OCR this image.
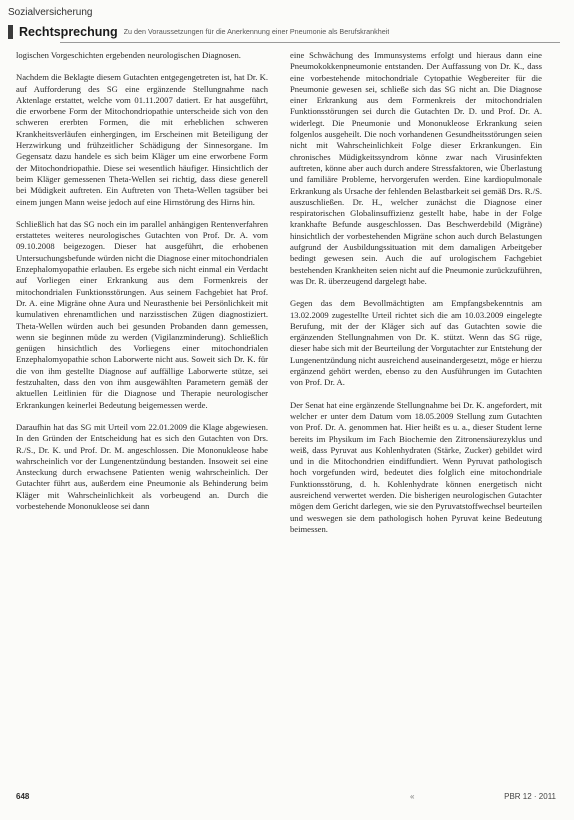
Sozialversicherung
Rechtsprechung Zu den Voraussetzungen für die Anerkennung einer Pneumonie als Berufskrankheit

logischen Vorgeschichten ergebenden neurologischen Diagnosen.

Nachdem die Beklagte diesem Gutachten entgegengetreten ist, hat Dr. K. auf Aufforderung des SG eine ergänzende Stellungnahme nach Aktenlage erstattet, welche vom 01.11.2007 datiert. Er hat ausgeführt, die erworbene Form der Mitochondriopathie unterscheide sich von den schweren ererbten Formen, die mit erheblichen schweren Krankheitsverläufen einhergingen, im Erscheinen mit Beteiligung der Herzwirkung und frühzeitlicher Schädigung der Sinnesorgane. Im Gegensatz dazu handele es sich beim Kläger um eine erworbene Form der Mitochondriopathie. Diese sei wesentlich häufiger. Hinsichtlich der beim Kläger gemessenen Theta-Wellen sei richtig, dass diese generell bei Müdigkeit auftreten. Ein Auftreten von Theta-Wellen tagsüber bei einem jungen Mann weise jedoch auf eine Hirnstörung des Hirns hin.

Schließlich hat das SG noch ein im parallel anhängigen Rentenverfahren erstattetes weiteres neurologisches Gutachten von Prof. Dr. A. vom 09.10.2008 beigezogen. Dieser hat ausgeführt, die erhobenen Untersuchungsbefunde würden nicht die Diagnose einer mitochondrialen Enzephalomyopathie erlauben. Es ergebe sich nicht einmal ein Verdacht auf Vorliegen einer Erkrankung aus dem Formenkreis der mitochondrialen Funktionsstörungen. Aus seinem Fachgebiet hat Prof. Dr. A. eine Migräne ohne Aura und Neurasthenie bei Persönlichkeit mit kumulativen ehrenamtlichen und narzisstischen Zügen diagnostiziert. Theta-Wellen würden auch bei gesunden Probanden dann gemessen, wenn sie beginnen müde zu werden (Vigilanzminderung). Schließlich genügen hinsichtlich des Vorliegens einer mitochondrialen Enzephalomyopathie schon Laborwerte nicht aus. Soweit sich Dr. K. für die von ihm gestellte Diagnose auf auffällige Laborwerte stütze, sei festzuhalten, dass den von ihm ausgewählten Parametern gemäß der aktuellen Leitlinien für die Diagnose und Therapie neurologischer Erkrankungen keinerlei Bedeutung beigemessen werde.

Daraufhin hat das SG mit Urteil vom 22.01.2009 die Klage abgewiesen. In den Gründen der Entscheidung hat es sich den Gutachten von Drs. R./S., Dr. K. und Prof. Dr. M. angeschlossen. Die Mononukleose habe wahrscheinlich vor der Lungenentzündung bestanden. Insoweit sei eine Ansteckung durch erwachsene Patienten wenig wahrscheinlich. Der Gutachter führt aus, außerdem eine Pneumonie als Behinderung beim Kläger mit Wahrscheinlichkeit als vorbeugend an. Durch die vorbestehende Mononukleose sei dann

eine Schwächung des Immunsystems erfolgt und hieraus dann eine Pneumokokkenpneumonie entstanden. Der Auffassung von Dr. K., dass eine vorbestehende mitochondriale Cytopathie Wegbereiter für die Pneumonie gewesen sei, schließe sich das SG nicht an. Die Diagnose einer Erkrankung aus dem Formenkreis der mitochondrialen Funktionsstörungen sei durch die Gutachten Dr. D. und Prof. Dr. A. widerlegt. Die Pneumonie und Mononukleose Erkrankung seien folgenlos ausgeheilt. Die noch vorhandenen Gesundheitsstörungen seien nicht mit Wahrscheinlichkeit Folge dieser Erkrankungen. Ein chronisches Müdigkeitssyndrom könne zwar nach Virusinfekten auftreten, könne aber auch durch andere Stressfaktoren, wie Überlastung und familiäre Probleme, hervorgerufen werden. Eine kardiopulmonale Erkrankung als Ursache der fehlenden Belastbarkeit sei gemäß Drs. R./S. auszuschließen. Dr. H., welcher zunächst die Diagnose einer respiratorischen Globalinsuffizienz gestellt habe, habe in der Folge krankhafte Befunde ausgeschlossen. Das Beschwerdebild (Migräne) hinsichtlich der vorbestehenden Migräne schon auch durch Belastungen aufgrund der Ausbildungssituation mit dem damaligen Arbeitgeber bedingt gewesen sein. Auch die auf urologischem Fachgebiet bestehenden Krankheiten seien nicht auf die Pneumonie zurückzuführen, was Dr. R. überzeugend dargelegt habe.

Gegen das dem Bevollmächtigten am Empfangsbekenntnis am 13.02.2009 zugestellte Urteil richtet sich die am 10.03.2009 eingelegte Berufung, mit der der Kläger sich auf das Gutachten sowie die ergänzenden Stellungnahmen von Dr. K. stützt. Wenn das SG rüge, dieser habe sich mit der Beurteilung der Vorgutachter zur Entstehung der Lungenentzündung nicht ausreichend auseinandergesetzt, möge er hierzu ergänzend gehört werden, ebenso zu den Ausführungen im Gutachten von Prof. Dr. A.

Der Senat hat eine ergänzende Stellungnahme bei Dr. K. angefordert, mit welcher er unter dem Datum vom 18.05.2009 Stellung zum Gutachten von Prof. Dr. A. genommen hat. Hier heißt es u. a., dieser Student lerne bereits im Physikum im Fach Biochemie den Zitronensäurezyklus und weiß, dass Pyruvat aus Kohlenhydraten (Stärke, Zucker) gebildet wird und in die Mitochondrien eindiffundiert. Wenn Pyruvat pathologisch hoch vorgefunden wird, bedeutet dies folglich eine mitochondriale Funktionsstörung, d. h. Kohlenhydrate können energetisch nicht ausreichend verwertet werden. Die bisherigen neurologischen Gutachter mögen dem Gericht darlegen, wie sie den Pyruvatstoffwechsel beurteilen und weswegen sie dem pathologisch hohen Pyruvat keine Bedeutung beimessen.

648	«	PBR 12 · 2011
